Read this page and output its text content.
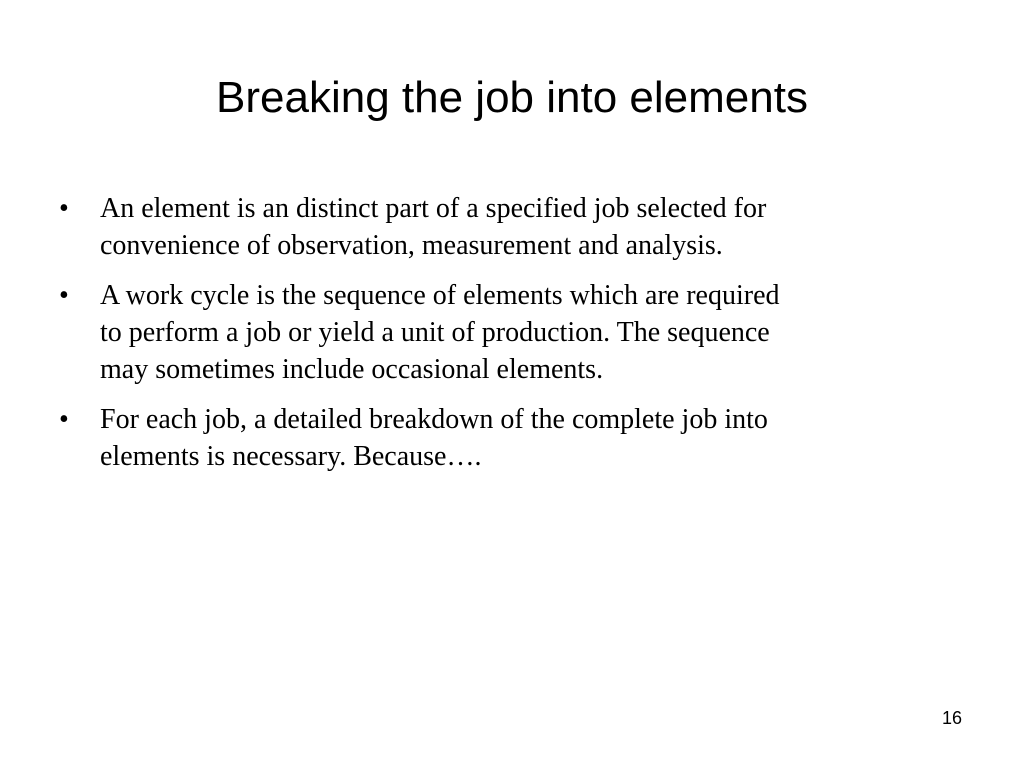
Breaking the job into elements
• An element is an distinct part of a specified job selected for
convenience of observation, measurement and analysis.
• A work cycle is the sequence of elements which are required
to perform a job or yield a unit of production. The sequence
may sometimes include occasional elements.
• For each job, a detailed breakdown of the complete job into
elements is necessary. Because….
16
